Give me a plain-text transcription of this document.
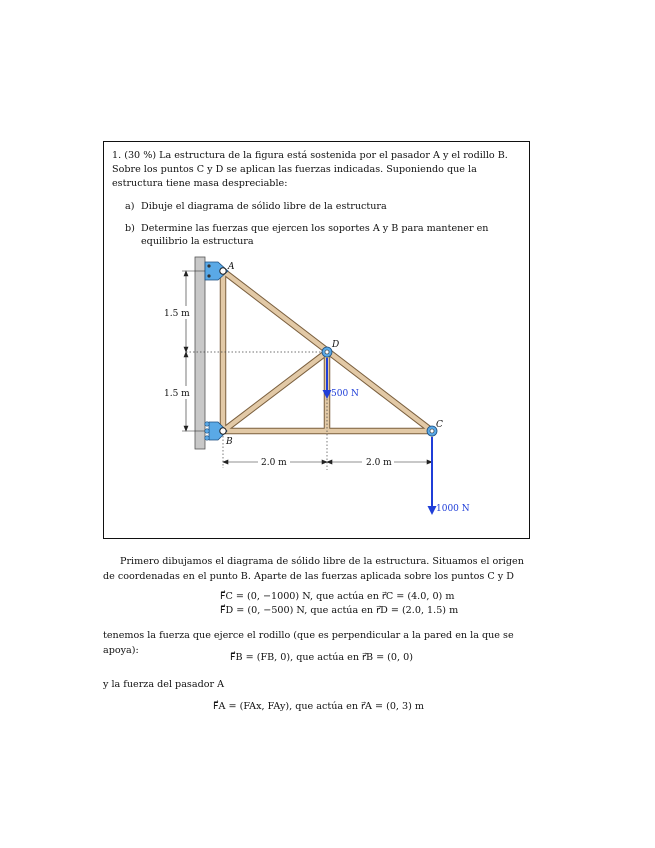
1. (30 %) La estructura de la figura está sostenida por el pasador A y el rodillo B. Sobre los puntos C y D se aplican las fuerzas indicadas. Suponiendo que la estructura tiene masa despreciable:
a) Dibuje el diagrama de sólido libre de la estructura
b) Determine las fuerzas que ejercen los soportes A y B para mantener en equilibrio la estructura
1.5 m
1.5 m
2.0 m	2.0 m
500 N
1000 N
A
B
C
D
Primero dibujamos el diagrama de sólido libre de la estructura. Situamos el origen de coordenadas en el punto B. Aparte de las fuerzas aplicada sobre los puntos C y D
F⃗C = (0, −1000) N, que actúa en r⃗C = (4.0, 0) m
F⃗D = (0, −500) N, que actúa en r⃗D = (2.0, 1.5) m
tenemos la fuerza que ejerce el rodillo (que es perpendicular a la pared en la que se apoya):
F⃗B = (FB, 0), que actúa en r⃗B = (0, 0)
y la fuerza del pasador A
F⃗A = (FAx, FAy), que actúa en r⃗A = (0, 3) m
